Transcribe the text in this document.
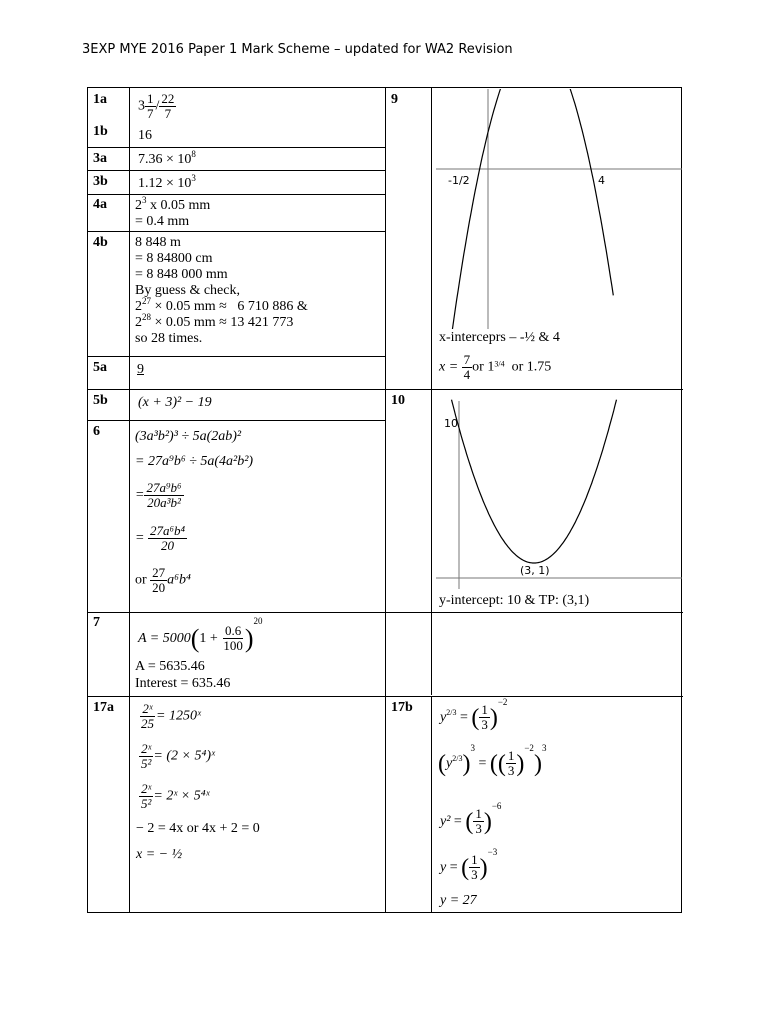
3EXP MYE 2016 Paper 1 Mark Scheme – updated for WA2 Revision
1a
1b
3a
3b
4a
4b
5a
5b
6
7
17a
9
10
17b
$3 \frac{1}{7} / \frac{22}{7}$
16
$7.36 \times 10^8$
$1.12 \times 10^3$
$2^3$ x 0.05 mm
= 0.4 mm
8 848 m
= 8 84800 cm
= 8 848 000 mm
By guess & check,
$2^{27} \times 0.05$ mm ≈   6 710 886 &
$2^{28} \times 0.05$ mm ≈ 13 421 773
so 28 times.
9
(x + 3)² − 19
(3a³b²)³ ÷ 5a(2ab)²
= 27a⁹b⁶ ÷ 5a(4a²b²)
= $\frac{\text{27a⁹b⁶}}{\text{20a³b²}}$
= $\frac{\text{27a⁶b⁴}}{20}$
or $\frac{27}{20} a^6b^4$
$A = 5000(1 + \frac{0.6}{100} )^{20}$
A = 5635.46
Interest = 635.46
$\frac{\text{2ˣ}}{25}$ = 1250ˣ
$\frac{\text{2ˣ}}{\text{5²}} = (2$ × 5⁴)ˣ
$\frac{\text{2ˣ}}{\text{5²}}$ = 2ˣ × 5⁴ˣ
− 2 = 4x or 4x + 2 = 0
x = − ½
-1/2	4
x-interceprs – -½ & 4
$x = \frac{7}{4}$ or $1^{3/4}$  or 1.75
10
(3, 1)
y-intercept: 10 & TP: (3,1)
$y^{2/3}$ = ( $\frac{1}{3} )^{-2}$
$(y^{2/3})^3$ = (( $\frac{1}{3} )^{-2})^3$
y² = ( $\frac{1}{3} )^{-6}$
y = ( $\frac{1}{3} )^{-3}$
y = 27
